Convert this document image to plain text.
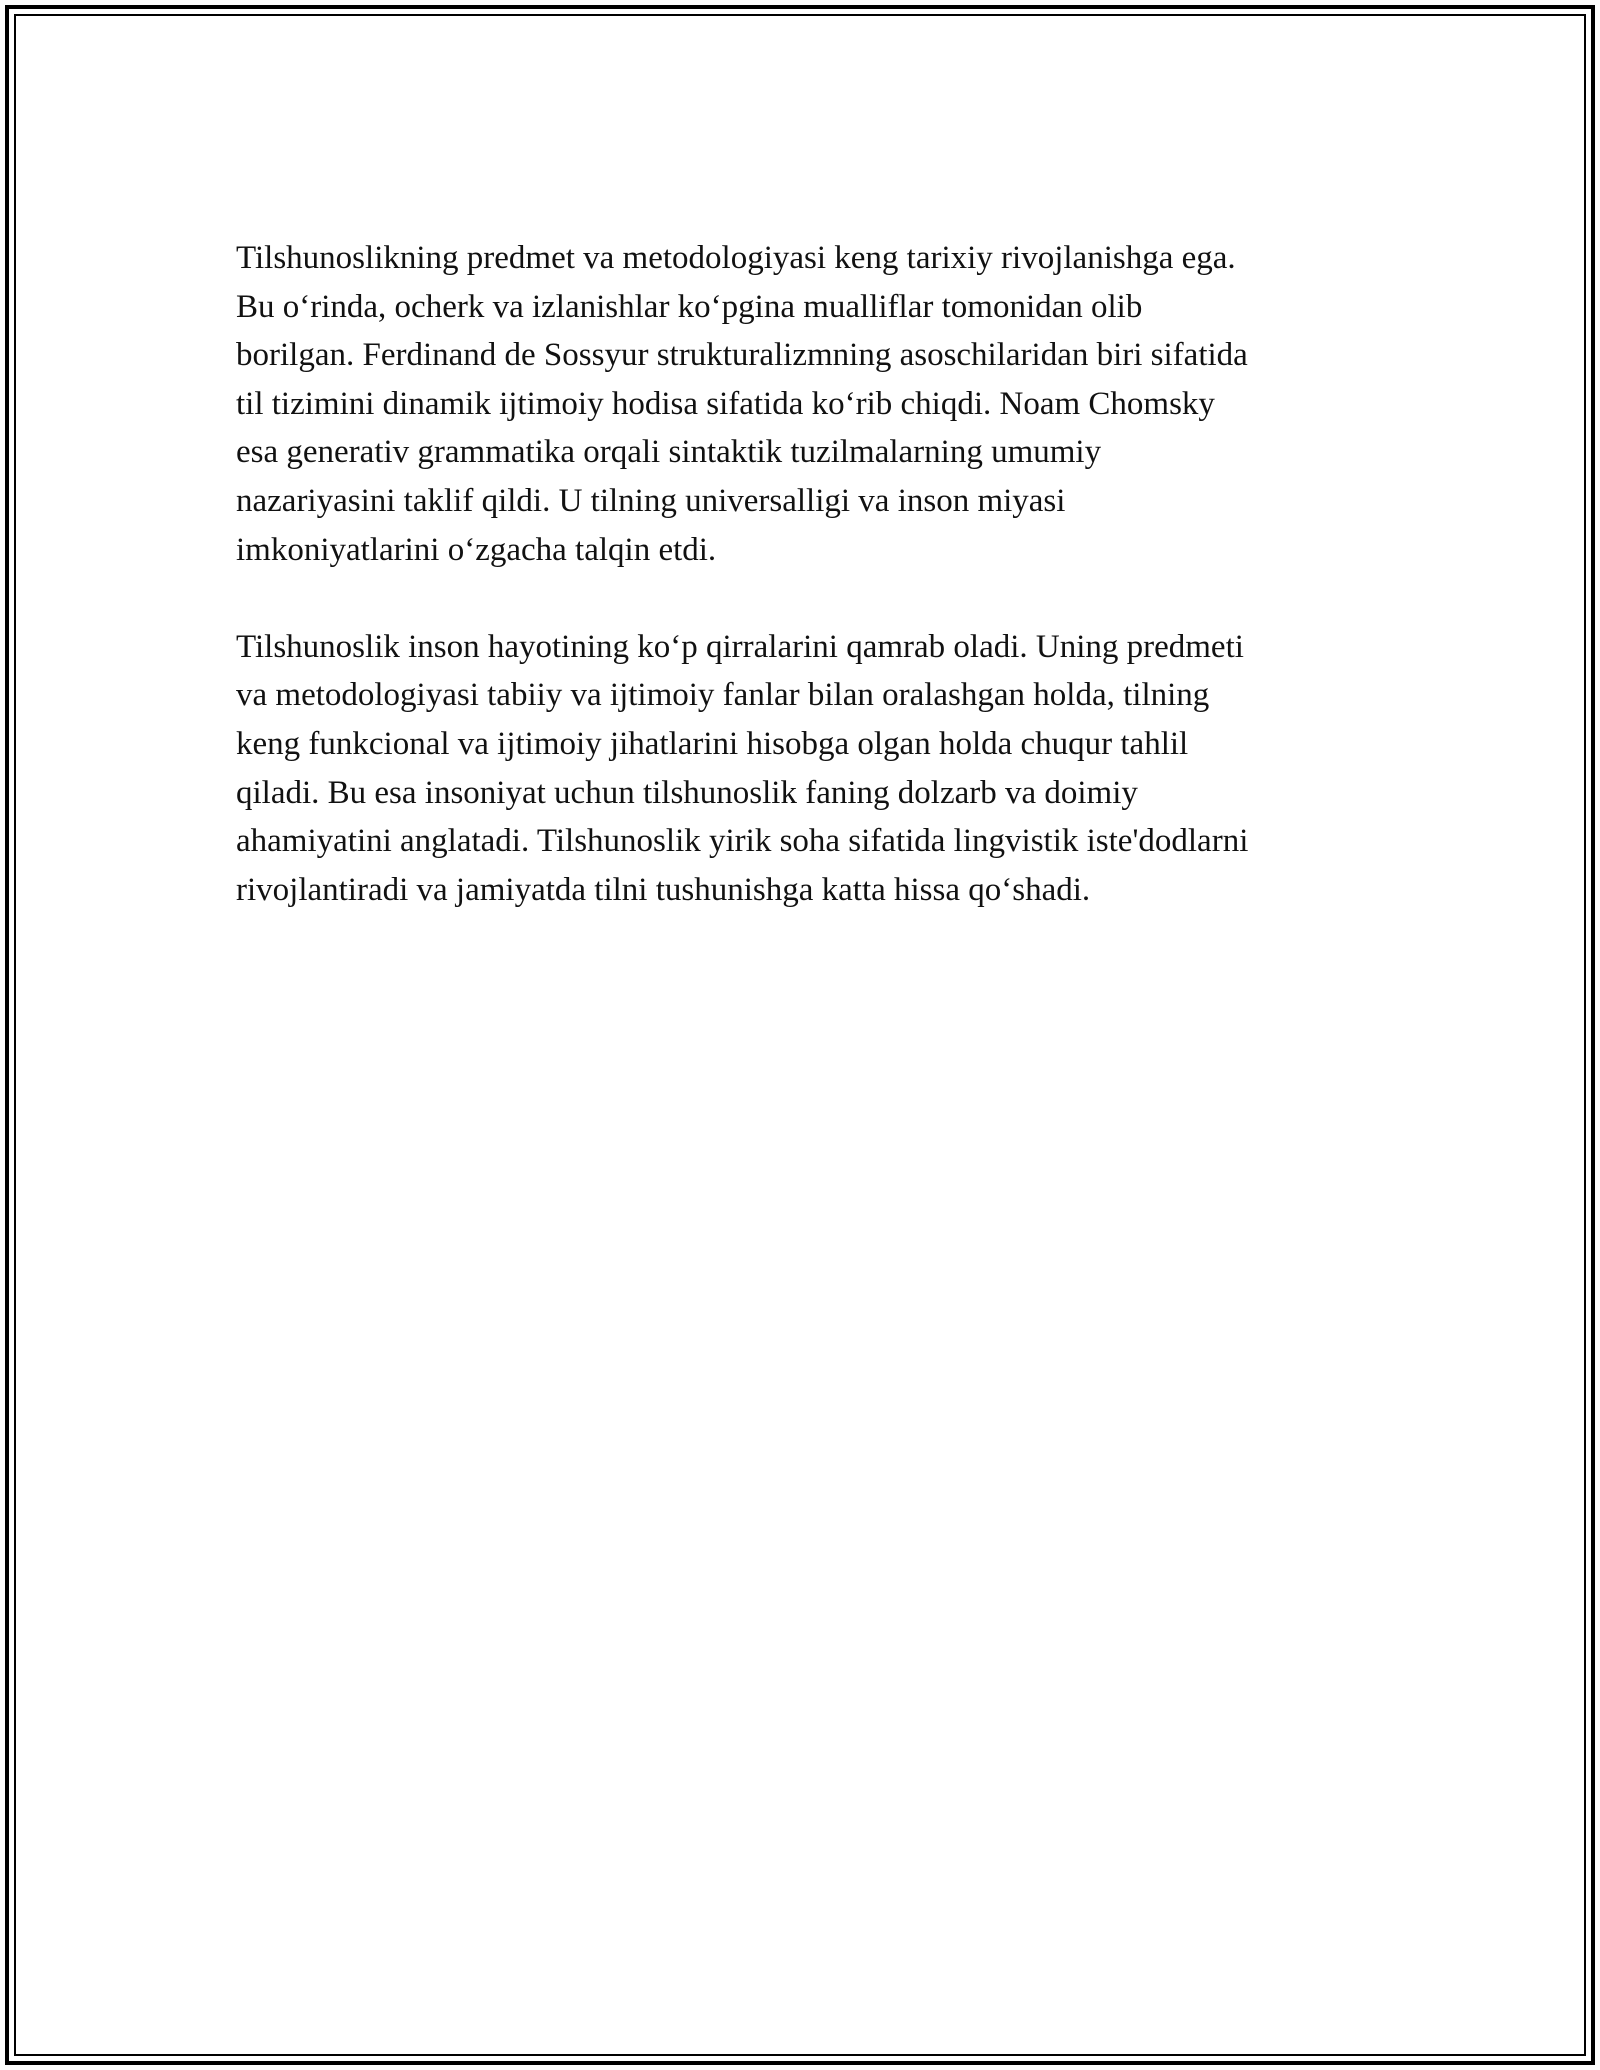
Tilshunoslikning predmet va metodologiyasi keng tarixiy rivojlanishga ega.
Bu o‘rinda, ocherk va izlanishlar ko‘pgina mualliflar tomonidan olib
borilgan. Ferdinand de Sossyur strukturalizmning asoschilaridan biri sifatida
til tizimini dinamik ijtimoiy hodisa sifatida ko‘rib chiqdi. Noam Chomsky
esa generativ grammatika orqali sintaktik tuzilmalarning umumiy
nazariyasini taklif qildi. U tilning universalligi va inson miyasi
imkoniyatlarini o‘zgacha talqin etdi.

Tilshunoslik inson hayotining ko‘p qirralarini qamrab oladi. Uning predmeti
va metodologiyasi tabiiy va ijtimoiy fanlar bilan oralashgan holda, tilning
keng funkcional va ijtimoiy jihatlarini hisobga olgan holda chuqur tahlil
qiladi. Bu esa insoniyat uchun tilshunoslik faning dolzarb va doimiy
ahamiyatini anglatadi. Tilshunoslik yirik soha sifatida lingvistik iste'dodlarni
rivojlantiradi va jamiyatda tilni tushunishga katta hissa qo‘shadi.
